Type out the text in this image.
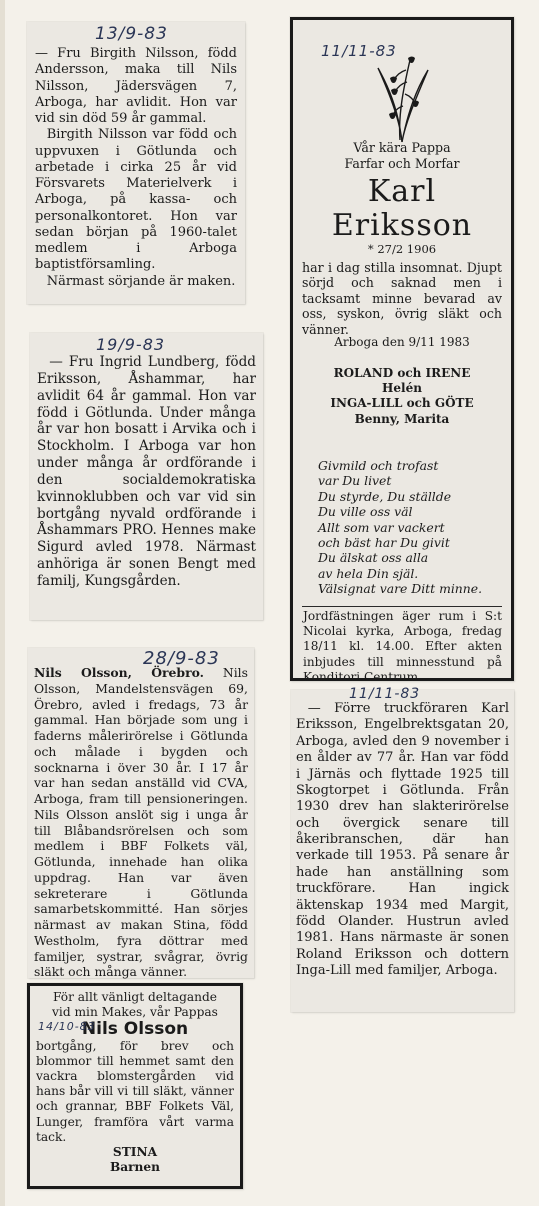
13/9-83

— Fru Birgith Nilsson, född Andersson, maka till Nils Nilsson, Jädersvägen 7, Arboga, har avlidit. Hon var vid sin död 59 år gammal.

Birgith Nilsson var född och uppvuxen i Götlunda och arbetade i cirka 25 år vid Försvarets Materielverk i Arboga, på kassa- och personalkontoret. Hon var sedan början på 1960-talet medlem i Arboga baptistförsamling.

Närmast sörjande är maken.

19/9-83

— Fru Ingrid Lundberg, född Eriksson, Åshammar, har avlidit 64 år gammal. Hon var född i Götlunda. Under många år var hon bosatt i Arvika och i Stockholm. I Arboga var hon under många år ordförande i den socialdemokratiska kvinnoklubben och var vid sin bortgång nyvald ordförande i Åshammars PRO. Hennes make Sigurd avled 1978. Närmast anhöriga är sonen Bengt med familj, Kungsgården.

28/9-83

Nils Olsson, Örebro. Nils Olsson, Mandelstensvägen 69, Örebro, avled i fredags, 73 år gammal. Han började som ung i faderns målerirörelse i Götlunda och målade i bygden och socknarna i över 30 år. I 17 år var han sedan anställd vid CVA, Arboga, fram till pensioneringen. Nils Olsson anslöt sig i unga år till Blåbandsrörelsen och som medlem i BBF Folkets väl, Götlunda, innehade han olika uppdrag. Han var även sekreterare i Götlunda samarbetskommitté. Han sörjes närmast av makan Stina, född Westholm, fyra döttrar med familjer, systrar, svågrar, övrig släkt och många vänner.

För allt vänligt deltagande
vid min Makes, vår Pappas
14/10-83
Nils Olsson
bortgång, för brev och blommor till hemmet samt den vackra blomstergården vid hans bår vill vi till släkt, vänner och grannar, BBF Folkets Väl, Lunger, framföra vårt varma tack.
STINA
Barnen
11/11-83
Vår kära Pappa
Farfar och Morfar
Karl
Eriksson
* 27/2 1906
har i dag stilla insomnat. Djupt sörjd och saknad men i tacksamt minne bevarad av oss, syskon, övrig släkt och vänner.
Arboga den 9/11 1983
ROLAND och IRENE
Helén
INGA-LILL och GÖTE
Benny, Marita
Givmild och trofast
var Du livet
Du styrde, Du ställde
Du ville oss väl
Allt som var vackert
och bäst har Du givit
Du älskat oss alla
av hela Din själ.
Välsignat vare Ditt minne.
Jordfästningen äger rum i S:t Nicolai kyrka, Arboga, fredag 18/11 kl. 14.00. Efter akten inbjudes till minnesstund på Konditori Centrum.
11/11-83

— Förre truckföraren Karl Eriksson, Engelbrektsgatan 20, Arboga, avled den 9 november i en ålder av 77 år. Han var född i Järnäs och flyttade 1925 till Skogtorpet i Götlunda. Från 1930 drev han slakterirörelse och övergick senare till åkeribranschen, där han verkade till 1953. På senare år hade han anställning som truckförare. Han ingick äktenskap 1934 med Margit, född Olander. Hustrun avled 1981. Hans närmaste är sonen Roland Eriksson och dottern Inga-Lill med familjer, Arboga.
